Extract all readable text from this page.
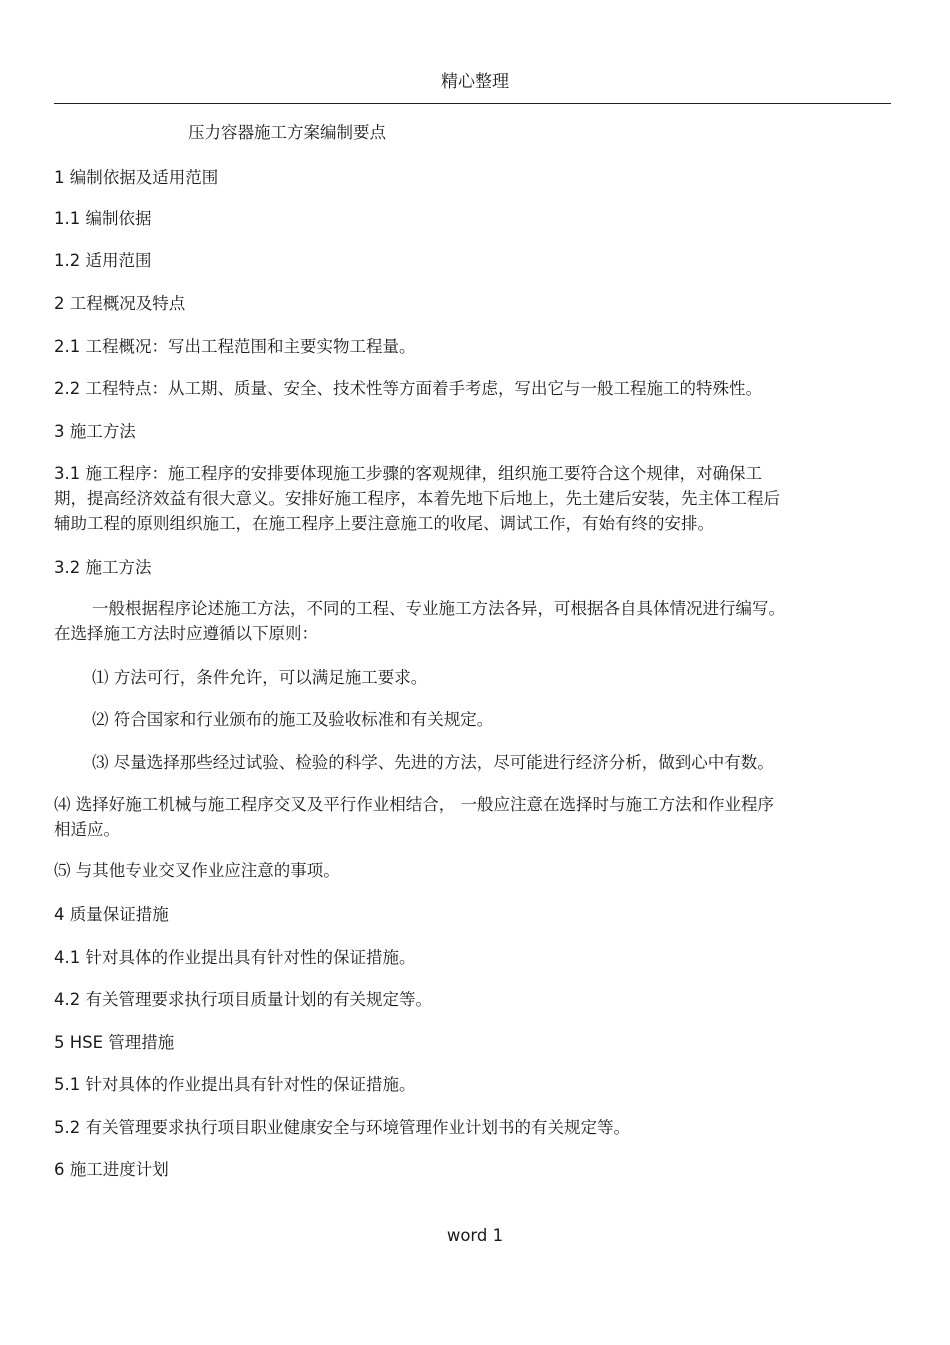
精心整理
压力容器施工方案编制要点
1 编制依据及适用范围
1.1 编制依据
1.2 适用范围
2 工程概况及特点
2.1 工程概况：写出工程范围和主要实物工程量。
2.2 工程特点：从工期、质量、安全、技术性等方面着手考虑，写出它与一般工程施工的特殊性。
3 施工方法
3.1 施工程序：施工程序的安排要体现施工步骤的客观规律，组织施工要符合这个规律，对确保工
期，提高经济效益有很大意义。安排好施工程序，本着先地下后地上，先土建后安装，先主体工程后
辅助工程的原则组织施工，在施工程序上要注意施工的收尾、调试工作，有始有终的安排。
3.2 施工方法
一般根据程序论述施工方法，不同的工程、专业施工方法各异，可根据各自具体情况进行编写。
在选择施工方法时应遵循以下原则：
⑴ 方法可行，条件允许，可以满足施工要求。
⑵ 符合国家和行业颁布的施工及验收标准和有关规定。
⑶ 尽量选择那些经过试验、检验的科学、先进的方法，尽可能进行经济分析，做到心中有数。
⑷ 选择好施工机械与施工程序交叉及平行作业相结合， 一般应注意在选择时与施工方法和作业程序
相适应。
⑸ 与其他专业交叉作业应注意的事项。
4 质量保证措施
4.1 针对具体的作业提出具有针对性的保证措施。
4.2 有关管理要求执行项目质量计划的有关规定等。
5 HSE 管理措施
5.1 针对具体的作业提出具有针对性的保证措施。
5.2 有关管理要求执行项目职业健康安全与环境管理作业计划书的有关规定等。
6 施工进度计划
word 1
